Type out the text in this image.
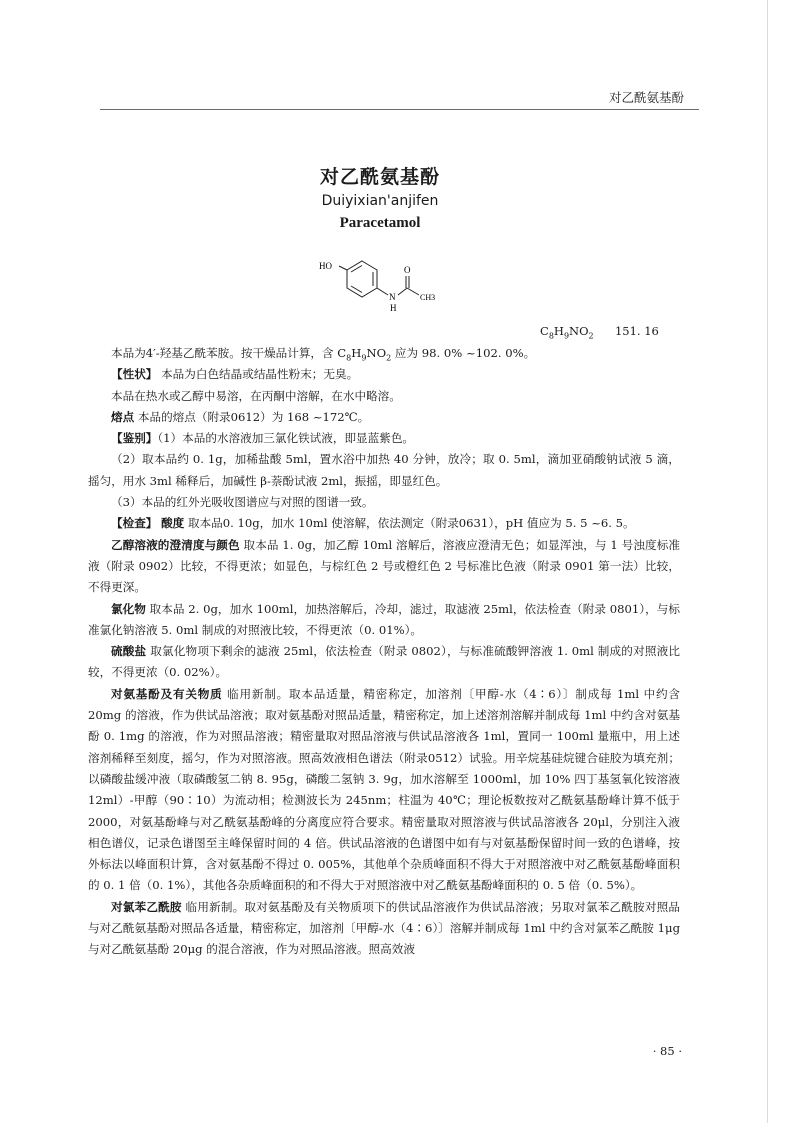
对乙酰氨基酚
对乙酰氨基酚
Duiyixian'anjifen
Paracetamol
HO	O
N
H
CH3
$C_8H_9NO_2$ 151. 16

本品为4′-羟基乙酰苯胺。按干燥品计算，含 $C_8H_9NO_2$ 应为 98. 0% ~102. 0%。

【性状】 本品为白色结晶或结晶性粉末；无臭。

本品在热水或乙醇中易溶，在丙酮中溶解，在水中略溶。

熔点 本品的熔点（附录0612）为 168 ~172℃。

【鉴别】（1）本品的水溶液加三氯化铁试液，即显蓝紫色。

（2）取本品约 0. 1g，加稀盐酸 5ml，置水浴中加热 40 分钟，放冷；取 0. 5ml，滴加亚硝酸钠试液 5 滴，摇匀，用水 3ml 稀释后，加碱性 β-萘酚试液 2ml，振摇，即显红色。

（3）本品的红外光吸收图谱应与对照的图谱一致。

【检查】 酸度 取本品0. 10g，加水 10ml 使溶解，依法测定（附录0631），pH 值应为 5. 5 ~6. 5。

乙醇溶液的澄清度与颜色 取本品 1. 0g，加乙醇 10ml 溶解后，溶液应澄清无色；如显浑浊，与 1 号浊度标准液（附录 0902）比较，不得更浓；如显色，与棕红色 2 号或橙红色 2 号标准比色液（附录 0901 第一法）比较，不得更深。

氯化物 取本品 2. 0g，加水 100ml，加热溶解后，冷却，滤过，取滤液 25ml，依法检查（附录 0801），与标准氯化钠溶液 5. 0ml 制成的对照液比较，不得更浓（0. 01%）。

硫酸盐 取氯化物项下剩余的滤液 25ml，依法检查（附录 0802），与标准硫酸钾溶液 1. 0ml 制成的对照液比较，不得更浓（0. 02%）。

对氨基酚及有关物质 临用新制。取本品适量，精密称定，加溶剂〔甲醇-水（4∶6）〕制成每 1ml 中约含 20mg 的溶液，作为供试品溶液；取对氨基酚对照品适量，精密称定，加上述溶剂溶解并制成每 1ml 中约含对氨基酚 0. 1mg 的溶液，作为对照品溶液；精密量取对照品溶液与供试品溶液各 1ml，置同一 100ml 量瓶中，用上述溶剂稀释至刻度，摇匀，作为对照溶液。照高效液相色谱法（附录0512）试验。用辛烷基硅烷键合硅胶为填充剂；以磷酸盐缓冲液（取磷酸氢二钠 8. 95g，磷酸二氢钠 3. 9g，加水溶解至 1000ml，加 10% 四丁基氢氧化铵溶液 12ml）-甲醇（90∶10）为流动相；检测波长为 245nm；柱温为 40℃；理论板数按对乙酰氨基酚峰计算不低于 2000，对氨基酚峰与对乙酰氨基酚峰的分离度应符合要求。精密量取对照溶液与供试品溶液各 20μl，分别注入液相色谱仪，记录色谱图至主峰保留时间的 4 倍。供试品溶液的色谱图中如有与对氨基酚保留时间一致的色谱峰，按外标法以峰面积计算，含对氨基酚不得过 0. 005%，其他单个杂质峰面积不得大于对照溶液中对乙酰氨基酚峰面积的 0. 1 倍（0. 1%），其他各杂质峰面积的和不得大于对照溶液中对乙酰氨基酚峰面积的 0. 5 倍（0. 5%）。

对氯苯乙酰胺 临用新制。取对氨基酚及有关物质项下的供试品溶液作为供试品溶液；另取对氯苯乙酰胺对照品与对乙酰氨基酚对照品各适量，精密称定，加溶剂〔甲醇-水（4∶6）〕溶解并制成每 1ml 中约含对氯苯乙酰胺 1μg 与对乙酰氨基酚 20μg 的混合溶液，作为对照品溶液。照高效液

· 85 ·
